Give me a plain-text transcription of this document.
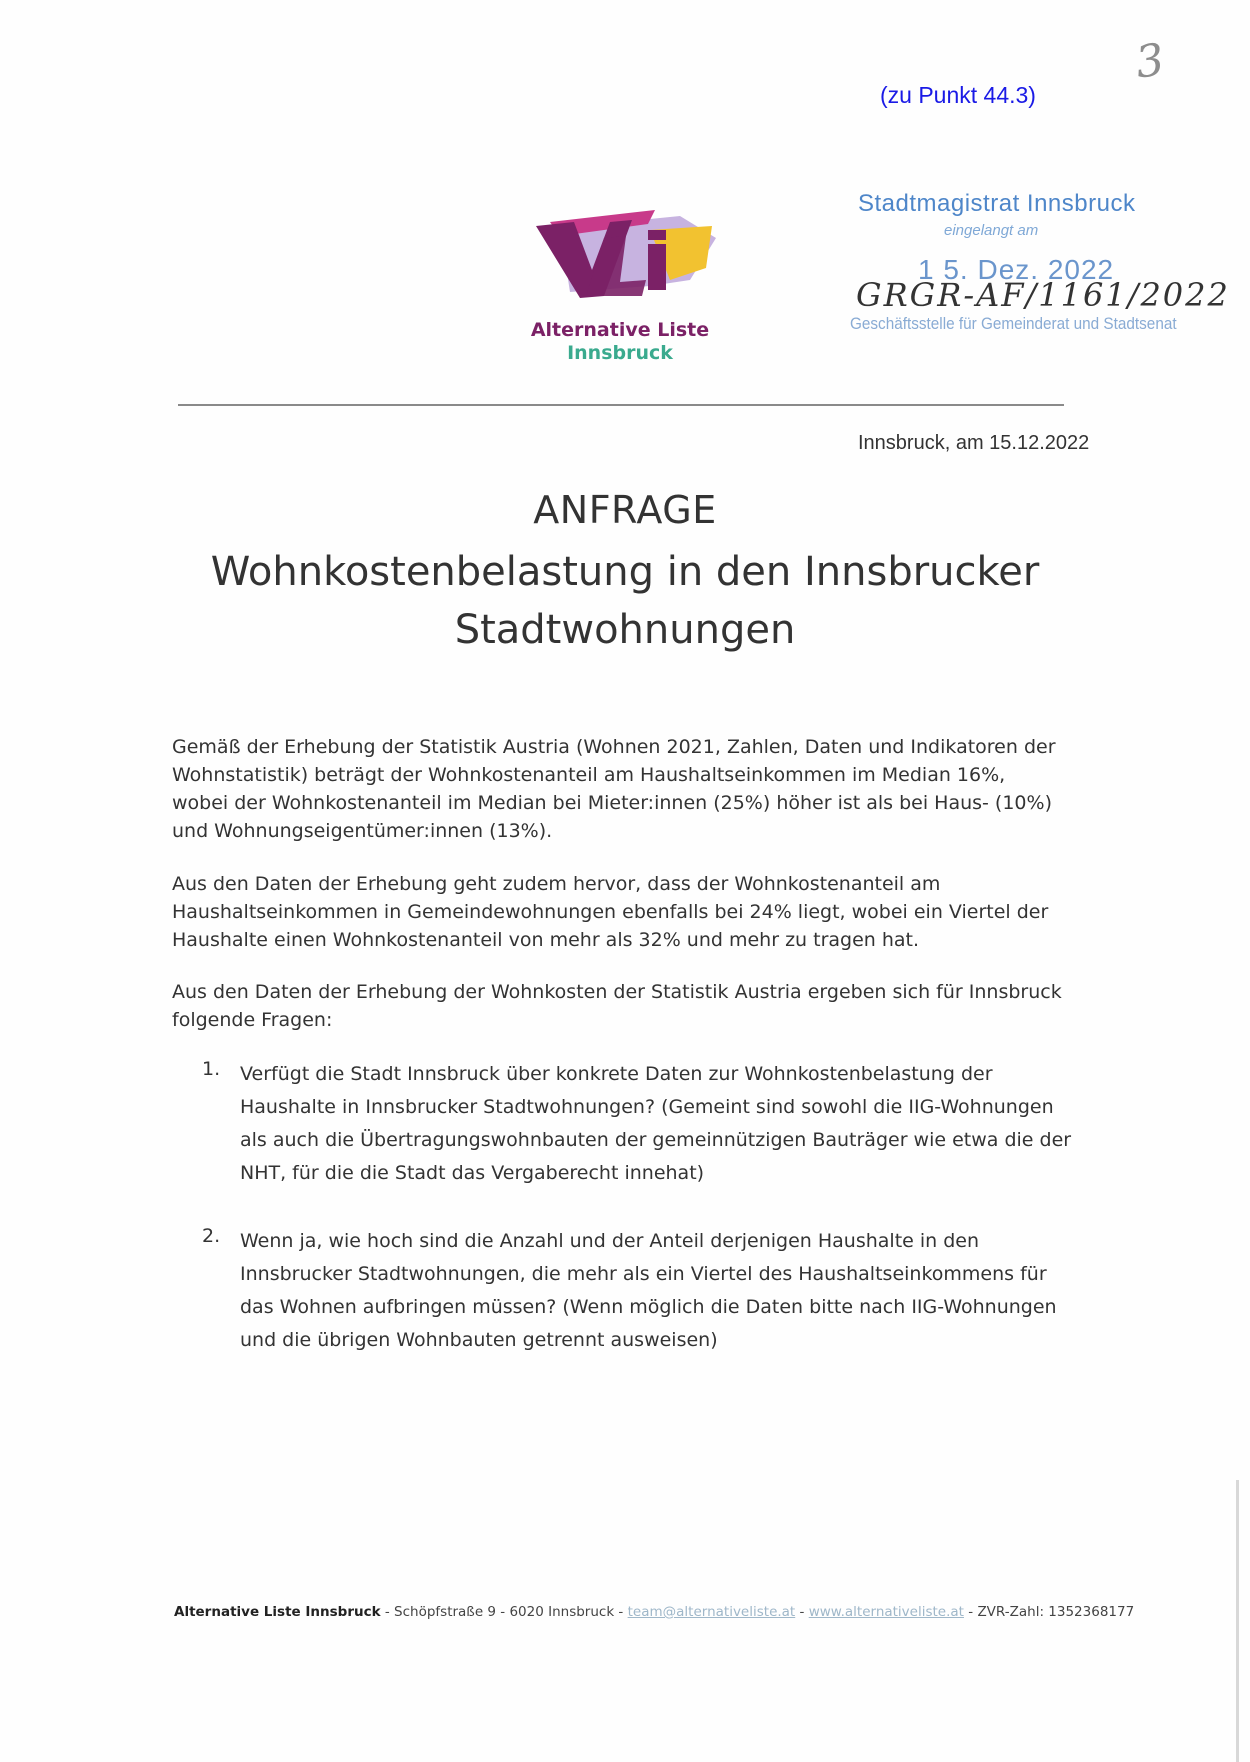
3
(zu Punkt 44.3)
Alternative Liste
Innsbruck
Stadtmagistrat Innsbruck
eingelangt am
1 5. Dez. 2022
GRGR-AF/1161/2022
Geschäftsstelle für Gemeinderat und Stadtsenat
Innsbruck, am 15.12.2022
ANFRAGE
Wohnkostenbelastung in den Innsbrucker
Stadtwohnungen

Gemäß der Erhebung der Statistik Austria (Wohnen 2021, Zahlen, Daten und Indikatoren der Wohnstatistik) beträgt der Wohnkostenanteil am Haushaltseinkommen im Median 16%, wobei der Wohnkostenanteil im Median bei Mieter:innen (25%) höher ist als bei Haus- (10%) und Wohnungseigentümer:innen (13%).

Aus den Daten der Erhebung geht zudem hervor, dass der Wohnkostenanteil am Haushaltseinkommen in Gemeindewohnungen ebenfalls bei 24% liegt, wobei ein Viertel der Haushalte einen Wohnkostenanteil von mehr als 32% und mehr zu tragen hat.

Aus den Daten der Erhebung der Wohnkosten der Statistik Austria ergeben sich für Innsbruck folgende Fragen:

1. Verfügt die Stadt Innsbruck über konkrete Daten zur Wohnkostenbelastung der Haushalte in Innsbrucker Stadtwohnungen? (Gemeint sind sowohl die IIG-Wohnungen als auch die Übertragungswohnbauten der gemeinnützigen Bauträger wie etwa die der NHT, für die die Stadt das Vergaberecht innehat)
2. Wenn ja, wie hoch sind die Anzahl und der Anteil derjenigen Haushalte in den Innsbrucker Stadtwohnungen, die mehr als ein Viertel des Haushaltseinkommens für das Wohnen aufbringen müssen? (Wenn möglich die Daten bitte nach IIG-Wohnungen und die übrigen Wohnbauten getrennt ausweisen)
Alternative Liste Innsbruck - Schöpfstraße 9 - 6020 Innsbruck - team@alternativeliste.at - www.alternativeliste.at - ZVR-Zahl: 1352368177
